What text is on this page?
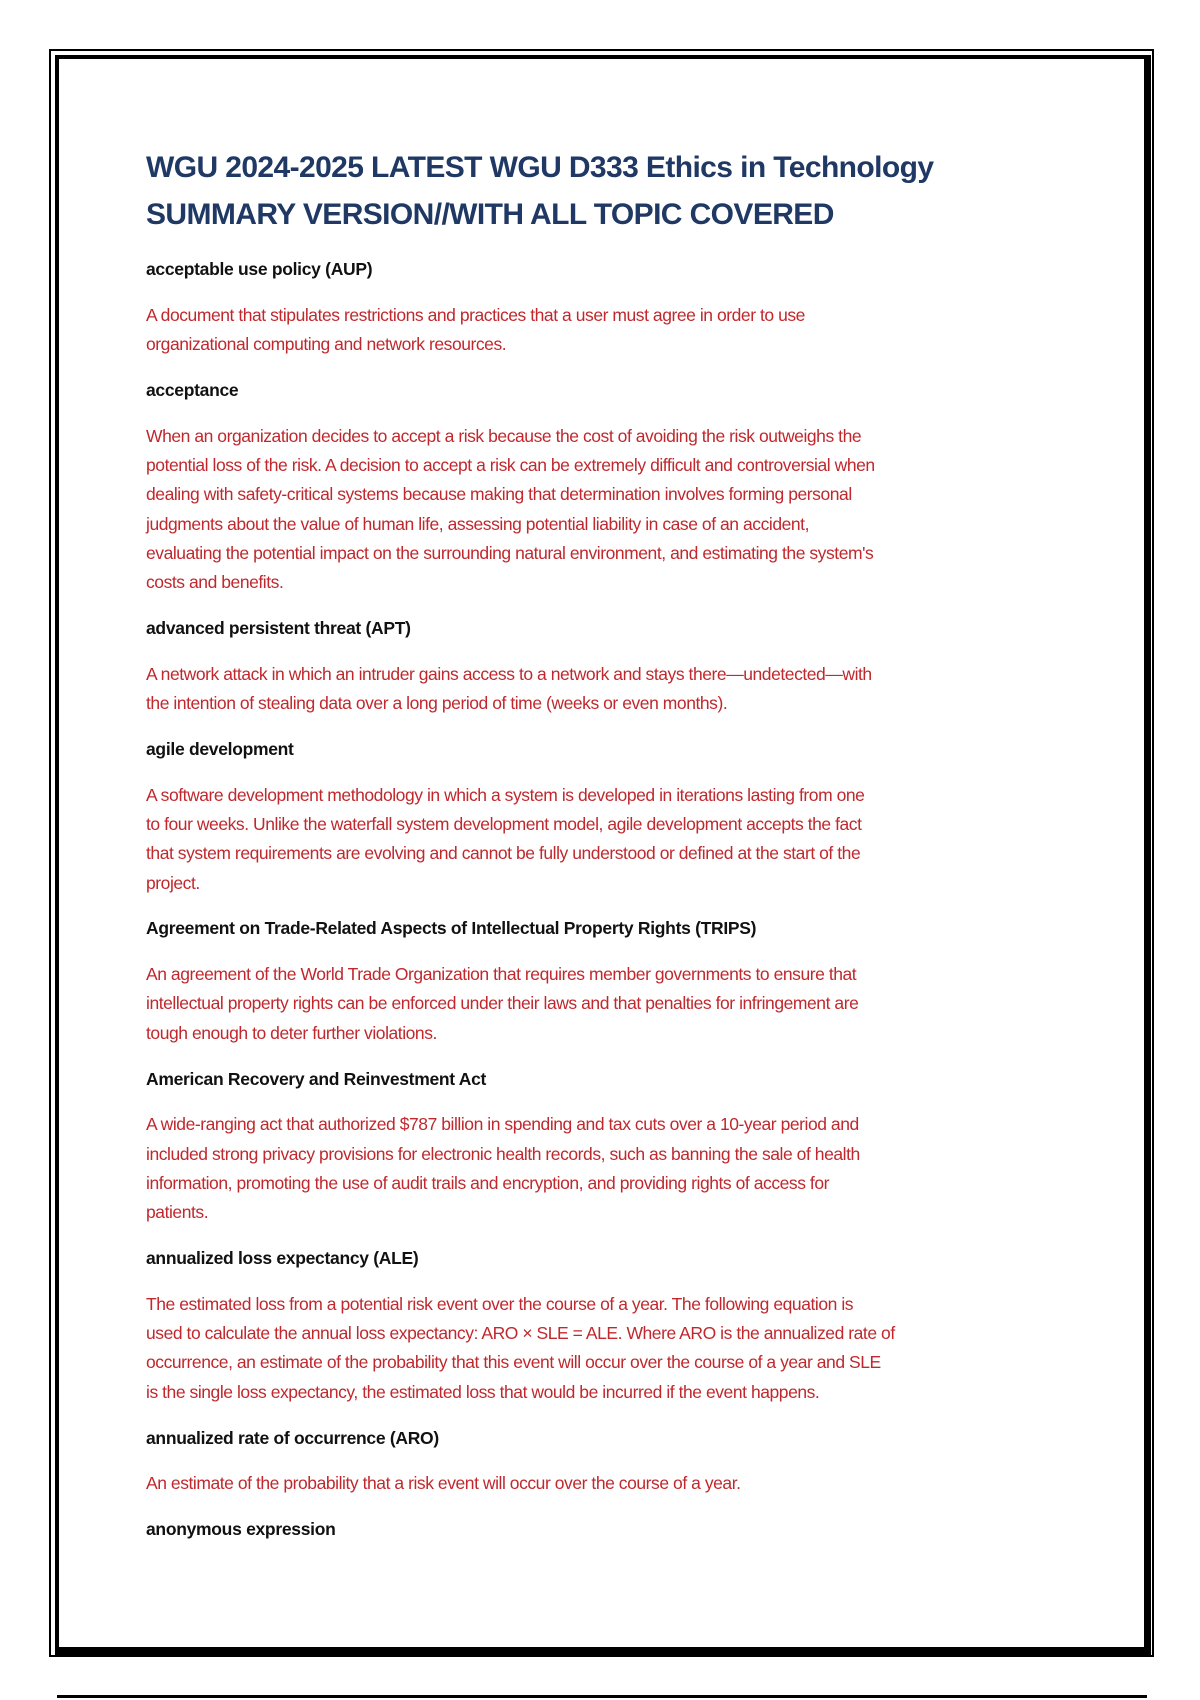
WGU 2024-2025 LATEST WGU D333 Ethics in Technology
SUMMARY VERSION//WITH ALL TOPIC COVERED
acceptable use policy (AUP)
A document that stipulates restrictions and practices that a user must agree in order to use
organizational computing and network resources.
acceptance
When an organization decides to accept a risk because the cost of avoiding the risk outweighs the
potential loss of the risk. A decision to accept a risk can be extremely difficult and controversial when
dealing with safety-critical systems because making that determination involves forming personal
judgments about the value of human life, assessing potential liability in case of an accident,
evaluating the potential impact on the surrounding natural environment, and estimating the system's
costs and benefits.
advanced persistent threat (APT)
A network attack in which an intruder gains access to a network and stays there—undetected—with
the intention of stealing data over a long period of time (weeks or even months).
agile development
A software development methodology in which a system is developed in iterations lasting from one
to four weeks. Unlike the waterfall system development model, agile development accepts the fact
that system requirements are evolving and cannot be fully understood or defined at the start of the
project.
Agreement on Trade-Related Aspects of Intellectual Property Rights (TRIPS)
An agreement of the World Trade Organization that requires member governments to ensure that
intellectual property rights can be enforced under their laws and that penalties for infringement are
tough enough to deter further violations.
American Recovery and Reinvestment Act
A wide-ranging act that authorized $787 billion in spending and tax cuts over a 10-year period and
included strong privacy provisions for electronic health records, such as banning the sale of health
information, promoting the use of audit trails and encryption, and providing rights of access for
patients.
annualized loss expectancy (ALE)
The estimated loss from a potential risk event over the course of a year. The following equation is
used to calculate the annual loss expectancy: ARO × SLE = ALE. Where ARO is the annualized rate of
occurrence, an estimate of the probability that this event will occur over the course of a year and SLE
is the single loss expectancy, the estimated loss that would be incurred if the event happens.
annualized rate of occurrence (ARO)
An estimate of the probability that a risk event will occur over the course of a year.
anonymous expression
